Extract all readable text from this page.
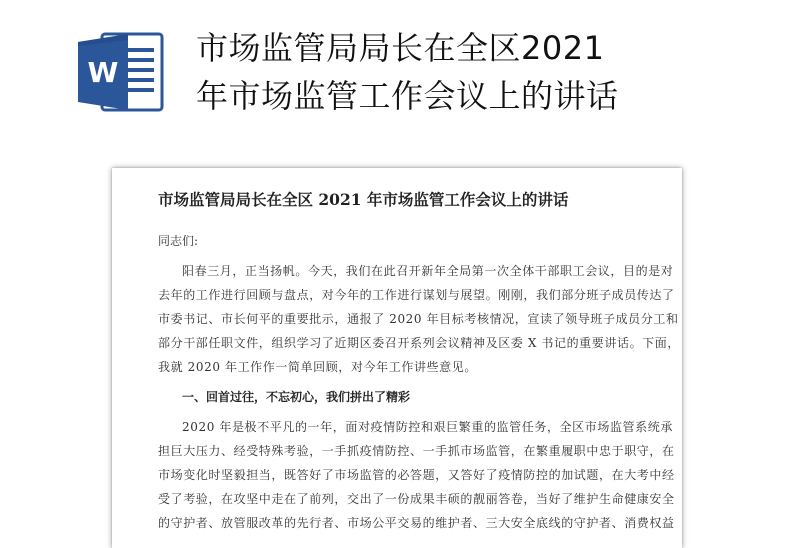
W
市场监管局局长在全区2021
年市场监管工作会议上的讲话
市场监管局局长在全区 2021 年市场监管工作会议上的讲话
同志们:
阳春三月，正当扬帆。今天，我们在此召开新年全局第一次全体干部职工会议，目的是对
去年的工作进行回顾与盘点，对今年的工作进行谋划与展望。刚刚，我们部分班子成员传达了
市委书记、市长何平的重要批示，通报了 2020 年目标考核情况，宣读了领导班子成员分工和
部分干部任职文件，组织学习了近期区委召开系列会议精神及区委 X 书记的重要讲话。下面，
我就 2020 年工作作一简单回顾，对今年工作讲些意见。
一、回首过往，不忘初心，我们拼出了精彩
2020 年是极不平凡的一年，面对疫情防控和艰巨繁重的监管任务，全区市场监管系统承
担巨大压力、经受特殊考验，一手抓疫情防控、一手抓市场监管，在繁重履职中忠于职守，在
市场变化时坚毅担当，既答好了市场监管的必答题，又答好了疫情防控的加试题，在大考中经
受了考验，在攻坚中走在了前列，交出了一份成果丰硕的靓丽答卷，当好了维护生命健康安全
的守护者、放管服改革的先行者、市场公平交易的维护者、三大安全底线的守护者、消费权益
